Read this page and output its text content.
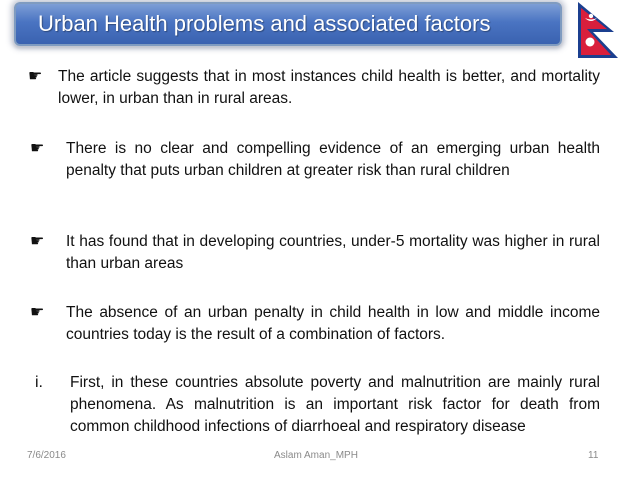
Urban Health problems and associated factors
☛	The article suggests that in most instances child health is better, and mortality lower, in urban than in rural areas.
☛	There is no clear and compelling evidence of an emerging urban health penalty that puts urban children at greater risk than rural children
☛	It has found that in developing countries, under-5 mortality was higher in rural than urban areas
☛	The absence of an urban penalty in child health in low and middle income countries today is the result of a combination of factors.
i.	First, in these countries absolute poverty and malnutrition are mainly rural phenomena. As malnutrition is an important risk factor for death from common childhood infections of diarrhoeal and respiratory disease
7/6/2016	Aslam Aman_MPH	11
